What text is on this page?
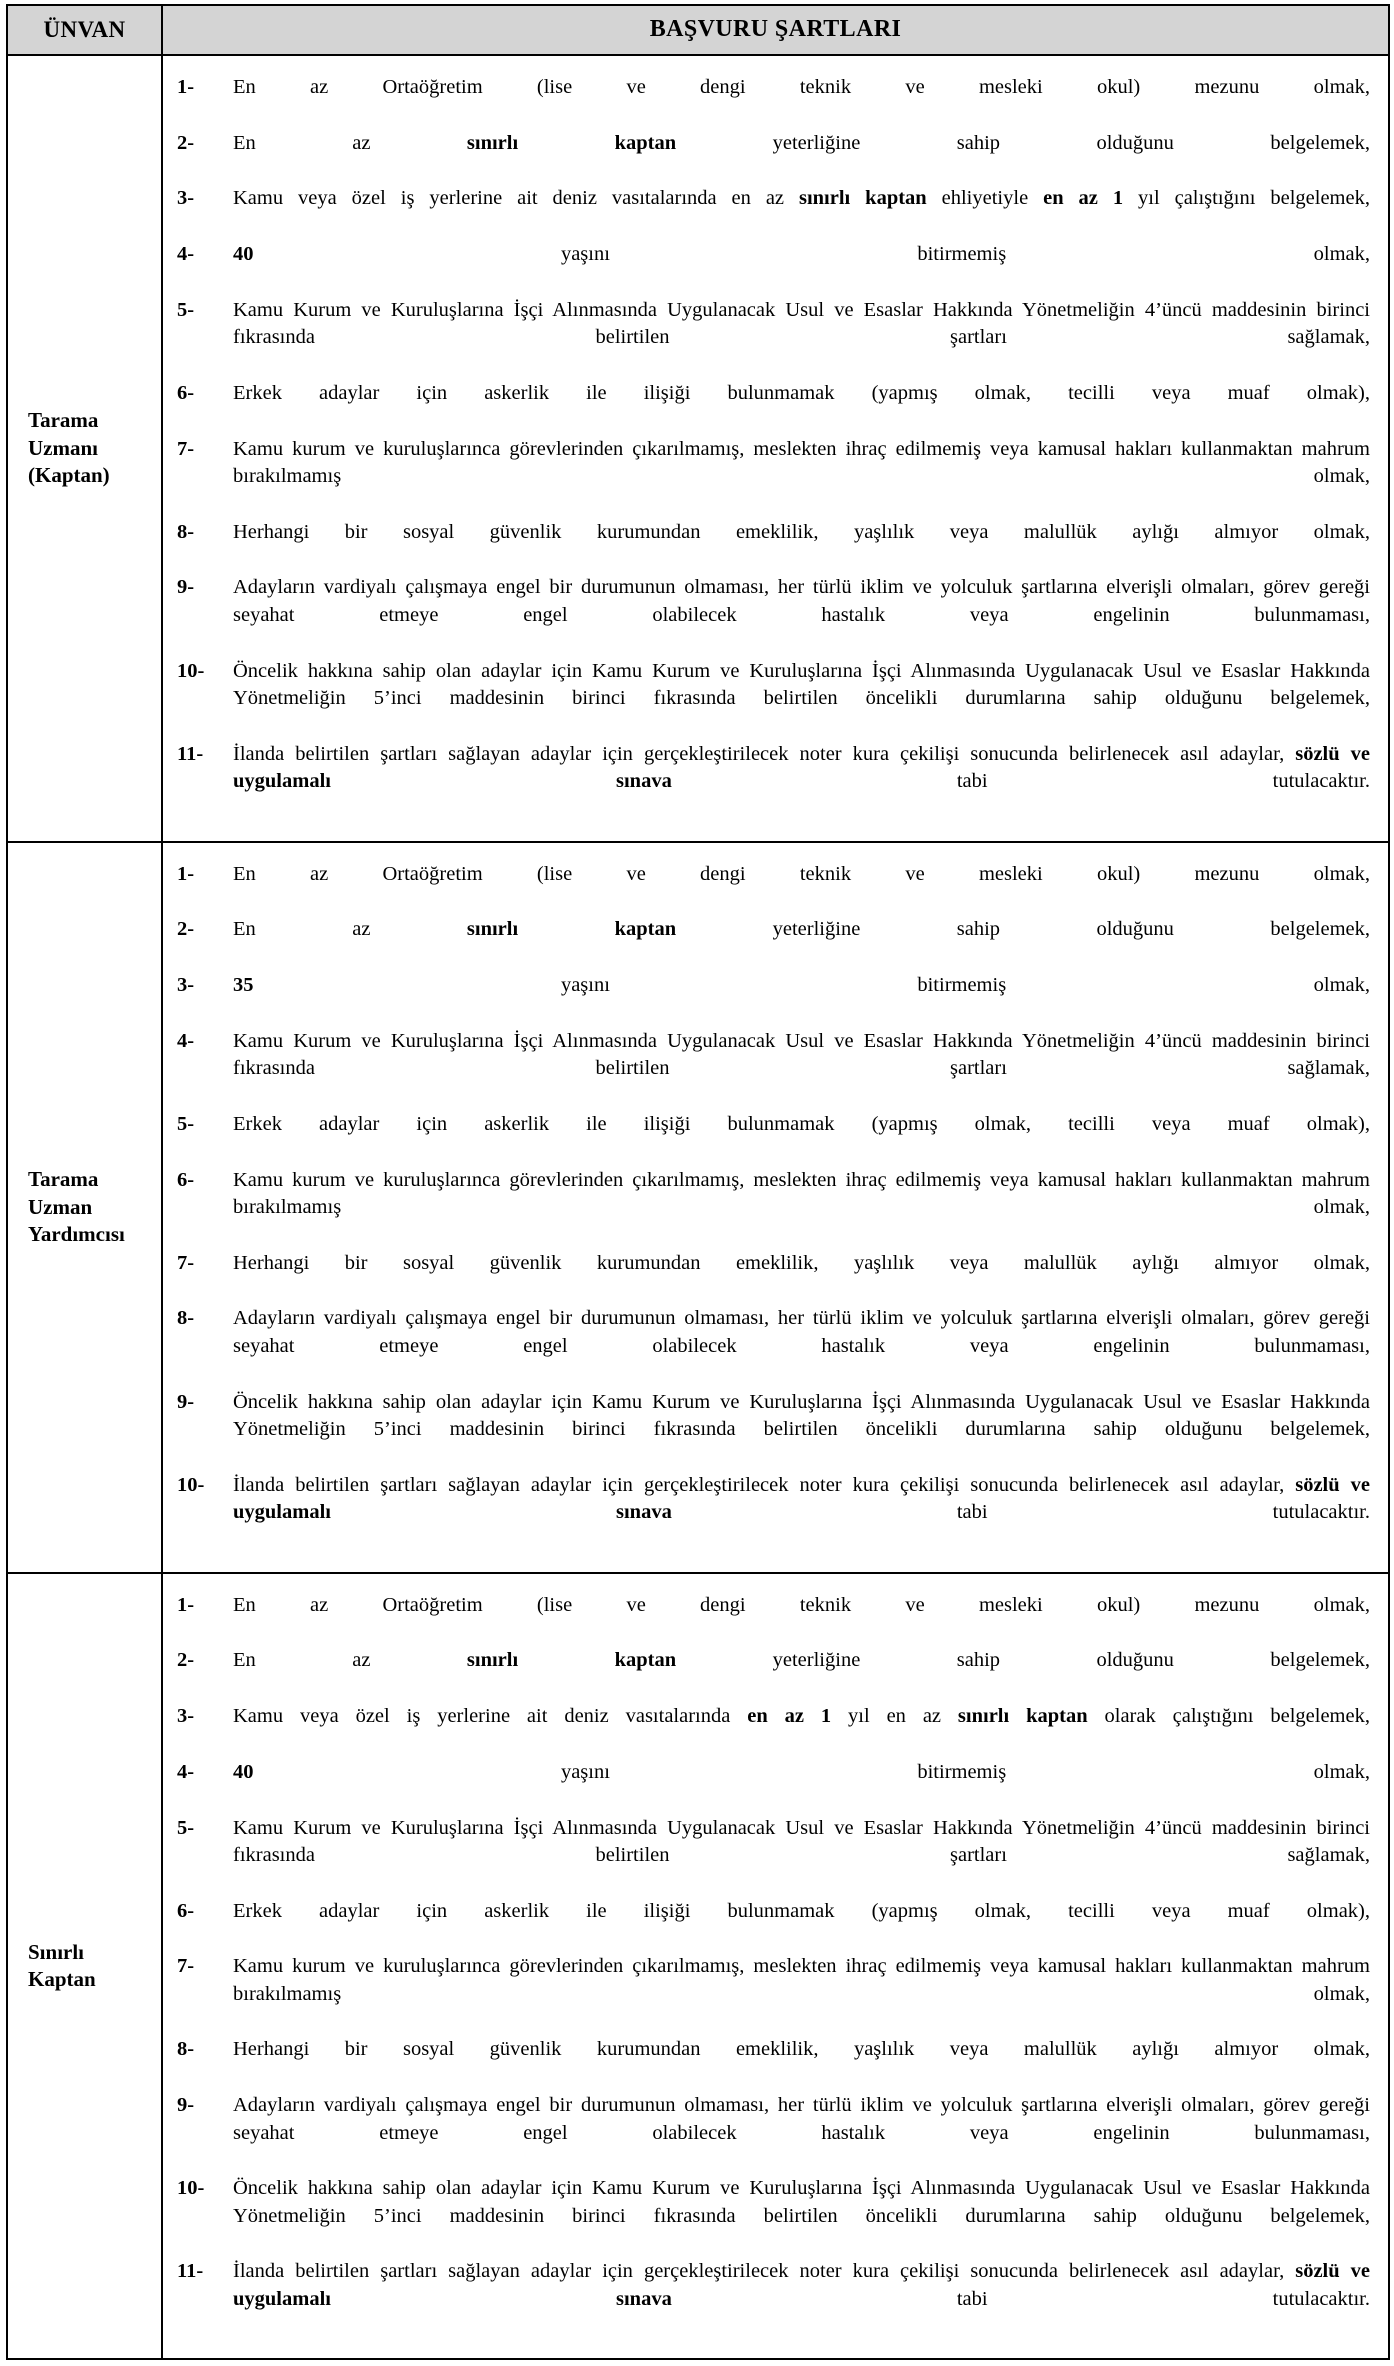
ÜNVAN	BAŞVURU ŞARTLARI
Tarama Uzmanı (Kaptan)	
1-	En az Ortaöğretim (lise ve dengi teknik ve mesleki okul) mezunu olmak,
2-	En az sınırlı kaptan yeterliğine sahip olduğunu belgelemek,
3-	Kamu veya özel iş yerlerine ait deniz vasıtalarında en az sınırlı kaptan ehliyetiyle en az 1 yıl çalıştığını belgelemek,
4-	40 yaşını bitirmemiş olmak,
5-	Kamu Kurum ve Kuruluşlarına İşçi Alınmasında Uygulanacak Usul ve Esaslar Hakkında Yönetmeliğin 4’üncü maddesinin birinci fıkrasında belirtilen şartları sağlamak,
6-	Erkek adaylar için askerlik ile ilişiği bulunmamak (yapmış olmak, tecilli veya muaf olmak),
7-	Kamu kurum ve kuruluşlarınca görevlerinden çıkarılmamış, meslekten ihraç edilmemiş veya kamusal hakları kullanmaktan mahrum bırakılmamış olmak,
8-	Herhangi bir sosyal güvenlik kurumundan emeklilik, yaşlılık veya malullük aylığı almıyor olmak,
9-	Adayların vardiyalı çalışmaya engel bir durumunun olmaması, her türlü iklim ve yolculuk şartlarına elverişli olmaları, görev gereği seyahat etmeye engel olabilecek hastalık veya engelinin bulunmaması,
10-	Öncelik hakkına sahip olan adaylar için Kamu Kurum ve Kuruluşlarına İşçi Alınmasında Uygulanacak Usul ve Esaslar Hakkında Yönetmeliğin 5’inci maddesinin birinci fıkrasında belirtilen öncelikli durumlarına sahip olduğunu belgelemek,
11-	İlanda belirtilen şartları sağlayan adaylar için gerçekleştirilecek noter kura çekilişi sonucunda belirlenecek asıl adaylar, sözlü ve uygulamalı sınava tabi tutulacaktır.

Tarama Uzman Yardımcısı	
1-	En az Ortaöğretim (lise ve dengi teknik ve mesleki okul) mezunu olmak,
2-	En az sınırlı kaptan yeterliğine sahip olduğunu belgelemek,
3-	35 yaşını bitirmemiş olmak,
4-	Kamu Kurum ve Kuruluşlarına İşçi Alınmasında Uygulanacak Usul ve Esaslar Hakkında Yönetmeliğin 4’üncü maddesinin birinci fıkrasında belirtilen şartları sağlamak,
5-	Erkek adaylar için askerlik ile ilişiği bulunmamak (yapmış olmak, tecilli veya muaf olmak),
6-	Kamu kurum ve kuruluşlarınca görevlerinden çıkarılmamış, meslekten ihraç edilmemiş veya kamusal hakları kullanmaktan mahrum bırakılmamış olmak,
7-	Herhangi bir sosyal güvenlik kurumundan emeklilik, yaşlılık veya malullük aylığı almıyor olmak,
8-	Adayların vardiyalı çalışmaya engel bir durumunun olmaması, her türlü iklim ve yolculuk şartlarına elverişli olmaları, görev gereği seyahat etmeye engel olabilecek hastalık veya engelinin bulunmaması,
9-	Öncelik hakkına sahip olan adaylar için Kamu Kurum ve Kuruluşlarına İşçi Alınmasında Uygulanacak Usul ve Esaslar Hakkında Yönetmeliğin 5’inci maddesinin birinci fıkrasında belirtilen öncelikli durumlarına sahip olduğunu belgelemek,
10-	İlanda belirtilen şartları sağlayan adaylar için gerçekleştirilecek noter kura çekilişi sonucunda belirlenecek asıl adaylar, sözlü ve uygulamalı sınava tabi tutulacaktır.

Sınırlı Kaptan	
1-	En az Ortaöğretim (lise ve dengi teknik ve mesleki okul) mezunu olmak,
2-	En az sınırlı kaptan yeterliğine sahip olduğunu belgelemek,
3-	Kamu veya özel iş yerlerine ait deniz vasıtalarında en az 1 yıl en az sınırlı kaptan olarak çalıştığını belgelemek,
4-	40 yaşını bitirmemiş olmak,
5-	Kamu Kurum ve Kuruluşlarına İşçi Alınmasında Uygulanacak Usul ve Esaslar Hakkında Yönetmeliğin 4’üncü maddesinin birinci fıkrasında belirtilen şartları sağlamak,
6-	Erkek adaylar için askerlik ile ilişiği bulunmamak (yapmış olmak, tecilli veya muaf olmak),
7-	Kamu kurum ve kuruluşlarınca görevlerinden çıkarılmamış, meslekten ihraç edilmemiş veya kamusal hakları kullanmaktan mahrum bırakılmamış olmak,
8-	Herhangi bir sosyal güvenlik kurumundan emeklilik, yaşlılık veya malullük aylığı almıyor olmak,
9-	Adayların vardiyalı çalışmaya engel bir durumunun olmaması, her türlü iklim ve yolculuk şartlarına elverişli olmaları, görev gereği seyahat etmeye engel olabilecek hastalık veya engelinin bulunmaması,
10-	Öncelik hakkına sahip olan adaylar için Kamu Kurum ve Kuruluşlarına İşçi Alınmasında Uygulanacak Usul ve Esaslar Hakkında Yönetmeliğin 5’inci maddesinin birinci fıkrasında belirtilen öncelikli durumlarına sahip olduğunu belgelemek,
11-	İlanda belirtilen şartları sağlayan adaylar için gerçekleştirilecek noter kura çekilişi sonucunda belirlenecek asıl adaylar, sözlü ve uygulamalı sınava tabi tutulacaktır.
